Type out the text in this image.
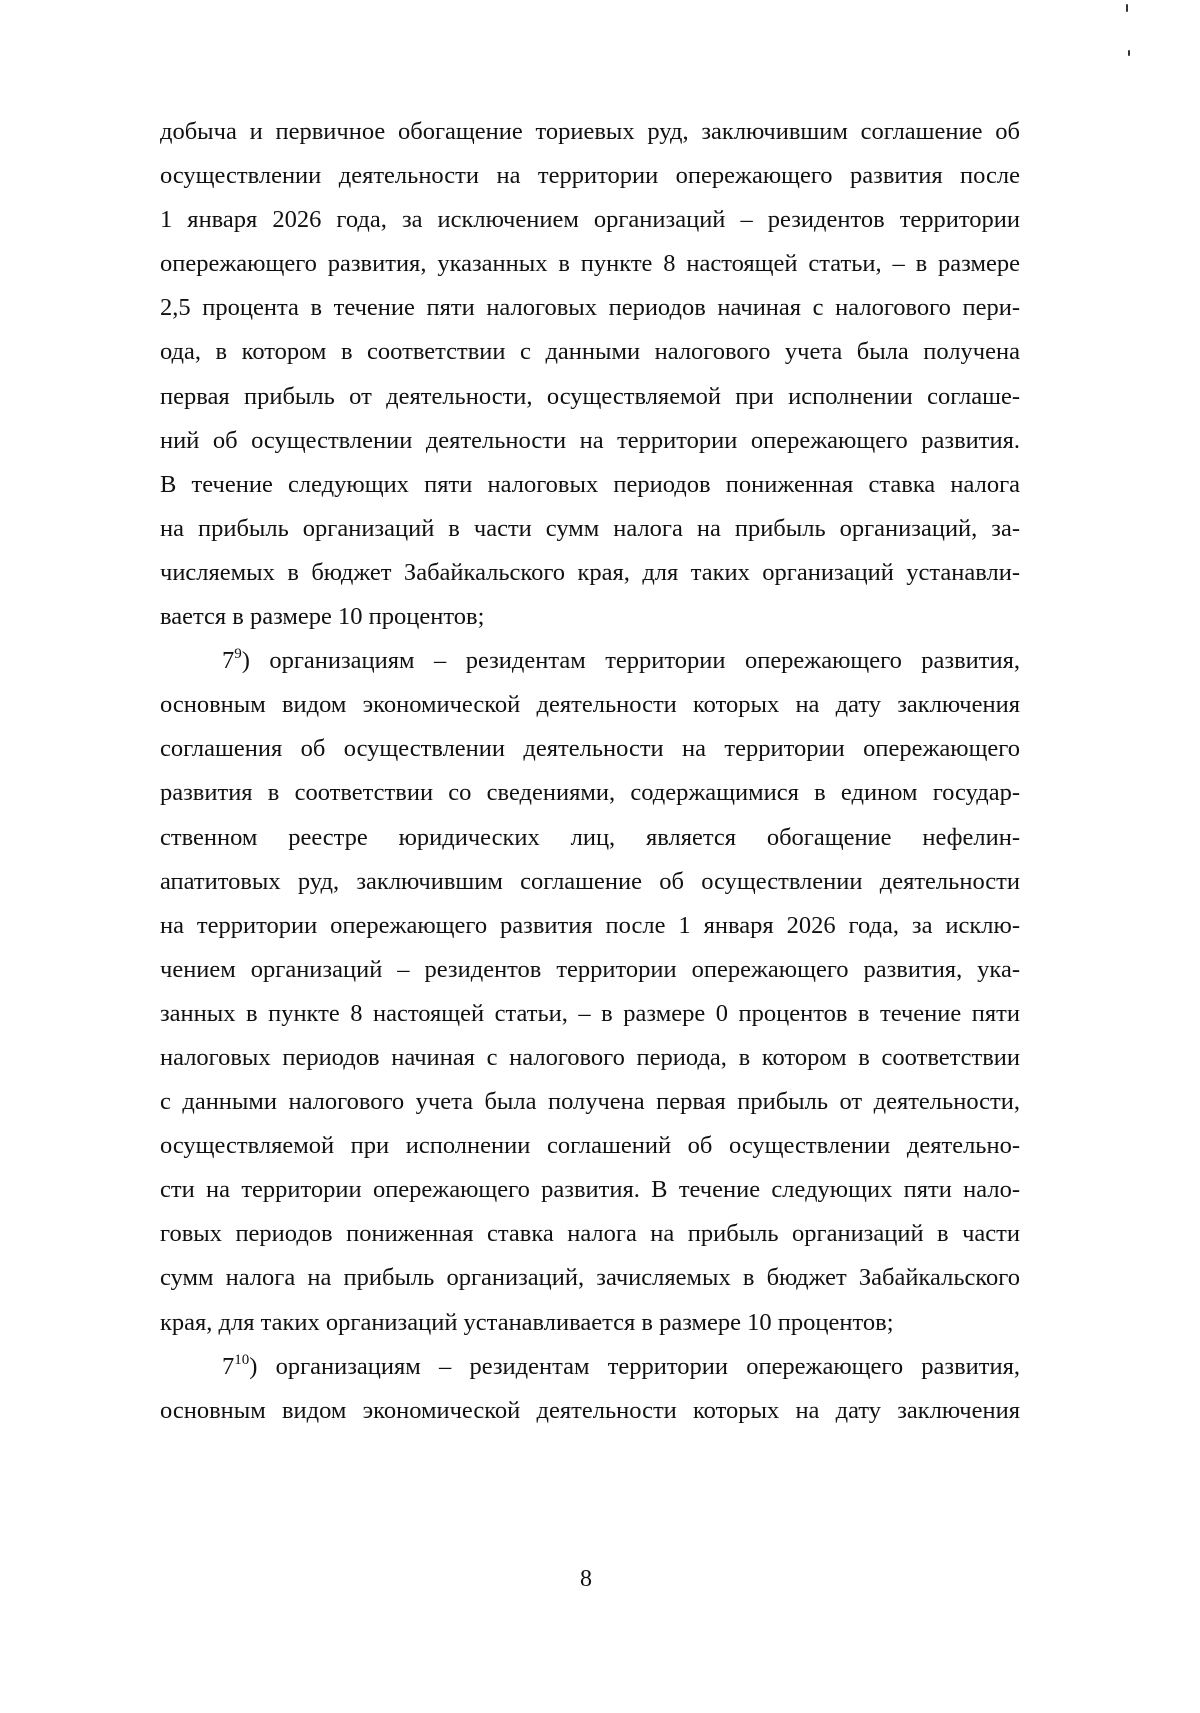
добыча и первичное обогащение ториевых руд, заключившим соглашение об
осуществлении деятельности на территории опережающего развития после
1 января 2026 года, за исключением организаций – резидентов территории
опережающего развития, указанных в пункте 8 настоящей статьи, – в размере
2,5 процента в течение пяти налоговых периодов начиная с налогового пери-
ода, в котором в соответствии с данными налогового учета была получена
первая прибыль от деятельности, осуществляемой при исполнении соглаше-
ний об осуществлении деятельности на территории опережающего развития.
В течение следующих пяти налоговых периодов пониженная ставка налога
на прибыль организаций в части сумм налога на прибыль организаций, за-
числяемых в бюджет Забайкальского края, для таких организаций устанавли-
вается в размере 10 процентов;
$7^9$) организациям – резидентам территории опережающего развития,
основным видом экономической деятельности которых на дату заключения
соглашения об осуществлении деятельности на территории опережающего
развития в соответствии со сведениями, содержащимися в едином государ-
ственном реестре юридических лиц, является обогащение нефелин-
апатитовых руд, заключившим соглашение об осуществлении деятельности
на территории опережающего развития после 1 января 2026 года, за исклю-
чением организаций – резидентов территории опережающего развития, ука-
занных в пункте 8 настоящей статьи, – в размере 0 процентов в течение пяти
налоговых периодов начиная с налогового периода, в котором в соответствии
с данными налогового учета была получена первая прибыль от деятельности,
осуществляемой при исполнении соглашений об осуществлении деятельно-
сти на территории опережающего развития. В течение следующих пяти нало-
говых периодов пониженная ставка налога на прибыль организаций в части
сумм налога на прибыль организаций, зачисляемых в бюджет Забайкальского
края, для таких организаций устанавливается в размере 10 процентов;
$7^{10}$) организациям – резидентам территории опережающего развития,
основным видом экономической деятельности которых на дату заключения
8
